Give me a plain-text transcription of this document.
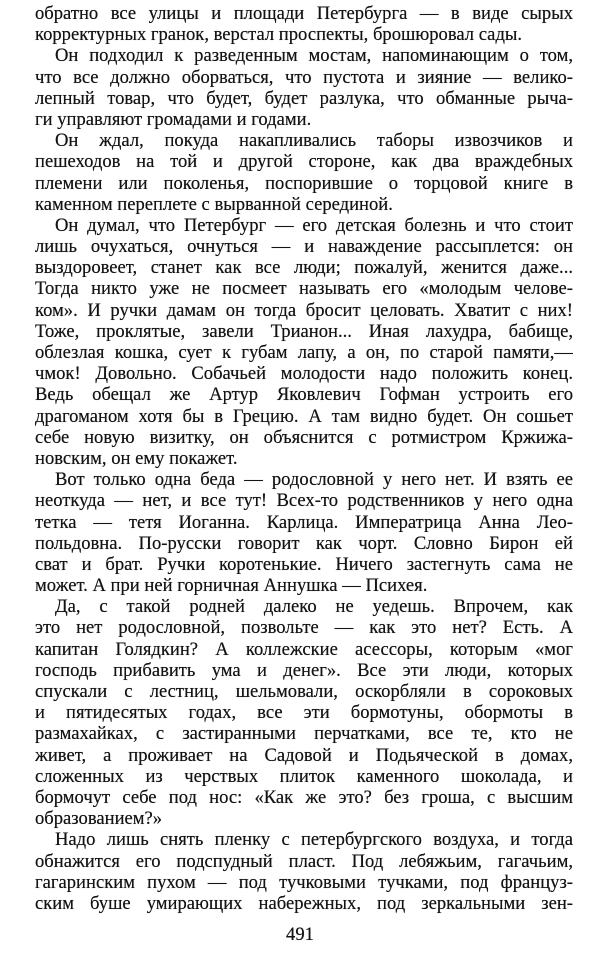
обратно все улицы и площади Петербурга — в виде сырых
корректурных гранок, верстал проспекты, брошюровал сады.
Он подходил к разведенным мостам, напоминающим о том,
что все должно оборваться, что пустота и зияние — велико-
лепный товар, что будет, будет разлука, что обманные рыча-
ги управляют громадами и годами.
Он ждал, покуда накапливались таборы извозчиков и
пешеходов на той и другой стороне, как два враждебных
племени или поколенья, поспорившие о торцовой книге в
каменном переплете с вырванной серединой.
Он думал, что Петербург — его детская болезнь и что стоит
лишь очухаться, очнуться — и наваждение рассыплется: он
выздоровеет, станет как все люди; пожалуй, женится даже...
Тогда никто уже не посмеет называть его «молодым челове-
ком». И ручки дамам он тогда бросит целовать. Хватит с них!
Тоже, проклятые, завели Трианон... Иная лахудра, бабище,
облезлая кошка, сует к губам лапу, а он, по старой памяти,—
чмок! Довольно. Собачьей молодости надо положить конец.
Ведь обещал же Артур Яковлевич Гофман устроить его
драгоманом хотя бы в Грецию. А там видно будет. Он сошьет
себе новую визитку, он объяснится с ротмистром Кржижа-
новским, он ему покажет.
Вот только одна беда — родословной у него нет. И взять ее
неоткуда — нет, и все тут! Всех-то родственников у него одна
тетка — тетя Иоганна. Карлица. Императрица Анна Лео-
польдовна. По-русски говорит как чорт. Словно Бирон ей
сват и брат. Ручки коротенькие. Ничего застегнуть сама не
может. А при ней горничная Аннушка — Психея.
Да, с такой родней далеко не уедешь. Впрочем, как
это нет родословной, позвольте — как это нет? Есть. А
капитан Голядкин? А коллежские асессоры, которым «мог
господь прибавить ума и денег». Все эти люди, которых
спускали с лестниц, шельмовали, оскорбляли в сороковых
и пятидесятых годах, все эти бормотуны, обормоты в
размахайках, с застиранными перчатками, все те, кто не
живет, а проживает на Садовой и Подьяческой в домах,
сложенных из черствых плиток каменного шоколада, и
бормочут себе под нос: «Как же это? без гроша, с высшим
образованием?»
Надо лишь снять пленку с петербургского воздуха, и тогда
обнажится его подспудный пласт. Под лебяжьим, гагачьим,
гагаринским пухом — под тучковыми тучками, под француз-
ским буше умирающих набережных, под зеркальными зен-
491
